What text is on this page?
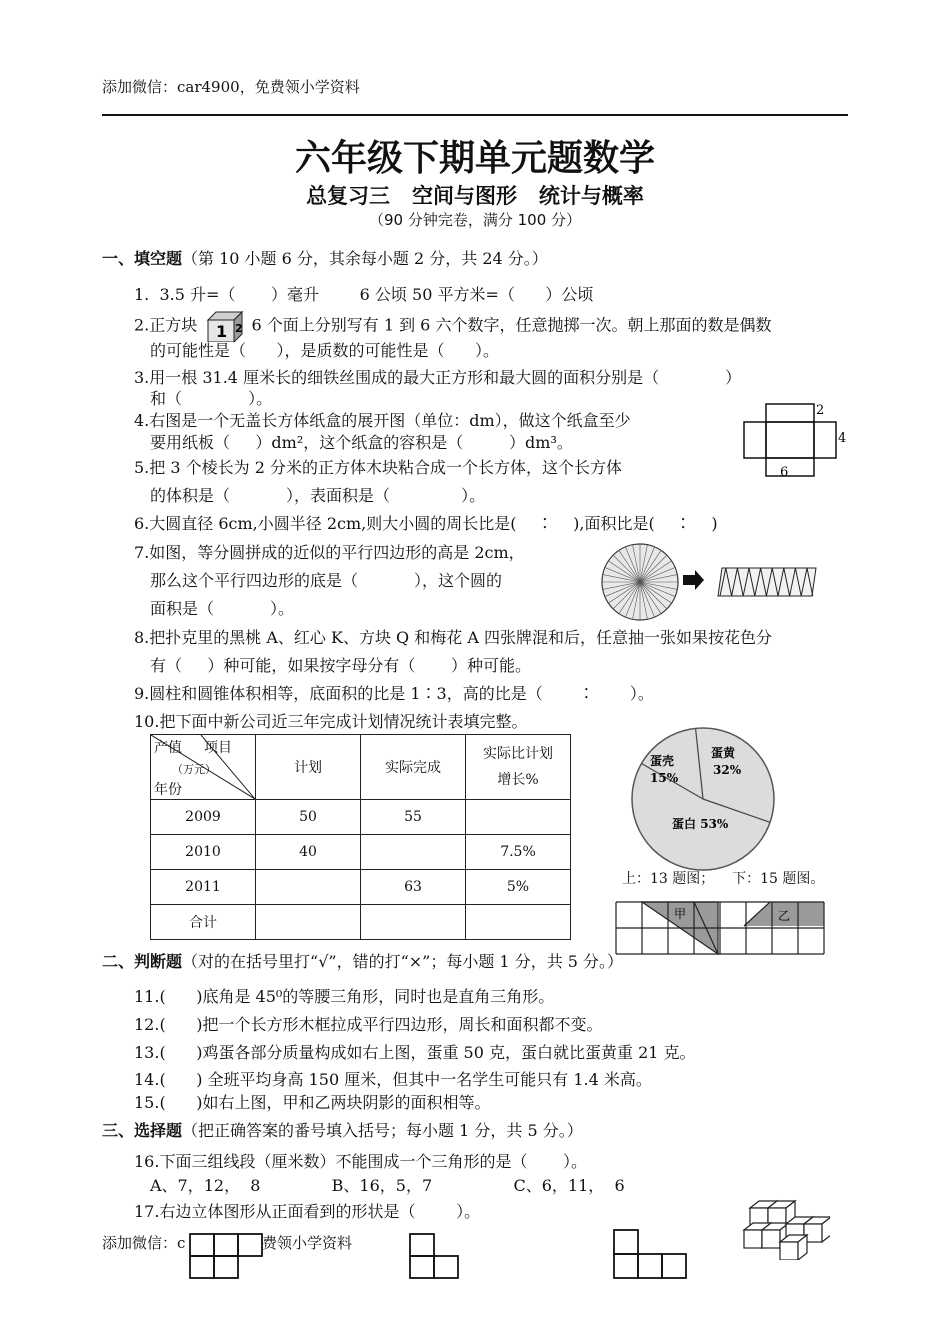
添加微信：car4900，免费领小学资料
六年级下期单元题数学
总复习三   空间与图形   统计与概率
（90 分钟完卷，满分 100 分）
一、填空题（第 10 小题 6 分，其余每小题 2 分，共 24 分。）
1.  3.5 升=（       ）毫升        6 公顷 50 平方米=（      ）公顷
2.正方块 1 2 6 个面上分别写有 1 到 6 六个数字，任意抛掷一次。朝上那面的数是偶数
的可能性是（      ），是质数的可能性是（      ）。
3.用一根 31.4 厘米长的细铁丝围成的最大正方形和最大圆的面积分别是（             ）
和（             ）。
4.右图是一个无盖长方体纸盒的展开图（单位：dm），做这个纸盒至少
要用纸板（     ）dm²，这个纸盒的容积是（         ）dm³。
2
4
6
5.把 3 个棱长为 2 分米的正方体木块粘合成一个长方体，这个长方体
的体积是（           ），表面积是（              ）。
6.大圆直径 6cm,小圆半径 2cm,则大小圆的周长比是(    ∶    ),面积比是(    ∶    )
7.如图，等分圆拼成的近似的平行四边形的高是 2cm，
那么这个平行四边形的底是（           ），这个圆的
面积是（           ）。
8.把扑克里的黑桃 A、红心 K、方块 Q 和梅花 A 四张牌混和后，任意抽一张如果按花色分
有（     ）种可能，如果按字母分有（       ）种可能。
9.圆柱和圆锥体积相等，底面积的比是 1∶3，高的比是（       ∶       ）。
10.把下面中新公司近三年完成计划情况统计表填完整。
产值 项目
（万元）
年份	计划	实际完成	实际比计划
增长%
2009	50	55	
2010	40		7.5%
2011		63	5%
合计			
蛋壳
15%
蛋黄
32%
蛋白 53%
上：13 题图；    下：15 题图。
甲	乙
二、判断题（对的在括号里打“√”，错的打“×”；每小题 1 分，共 5 分。）
11.(      )底角是 45⁰的等腰三角形，同时也是直角三角形。
12.(      )把一个长方形木框拉成平行四边形，周长和面积都不变。
13.(      )鸡蛋各部分质量构成如右上图，蛋重 50 克，蛋白就比蛋黄重 21 克。
14.(      ) 全班平均身高 150 厘米，但其中一名学生可能只有 1.4 米高。
15.(      )如右上图，甲和乙两块阴影的面积相等。
三、选择题（把正确答案的番号填入括号；每小题 1 分，共 5 分。）
16.下面三组线段（厘米数）不能围成一个三角形的是（       ）。
A、7，12，  8              B、16，5，7                C、6，11，  6
17.右边立体图形从正面看到的形状是（        ）。
添加微信：c	费领小学资料
